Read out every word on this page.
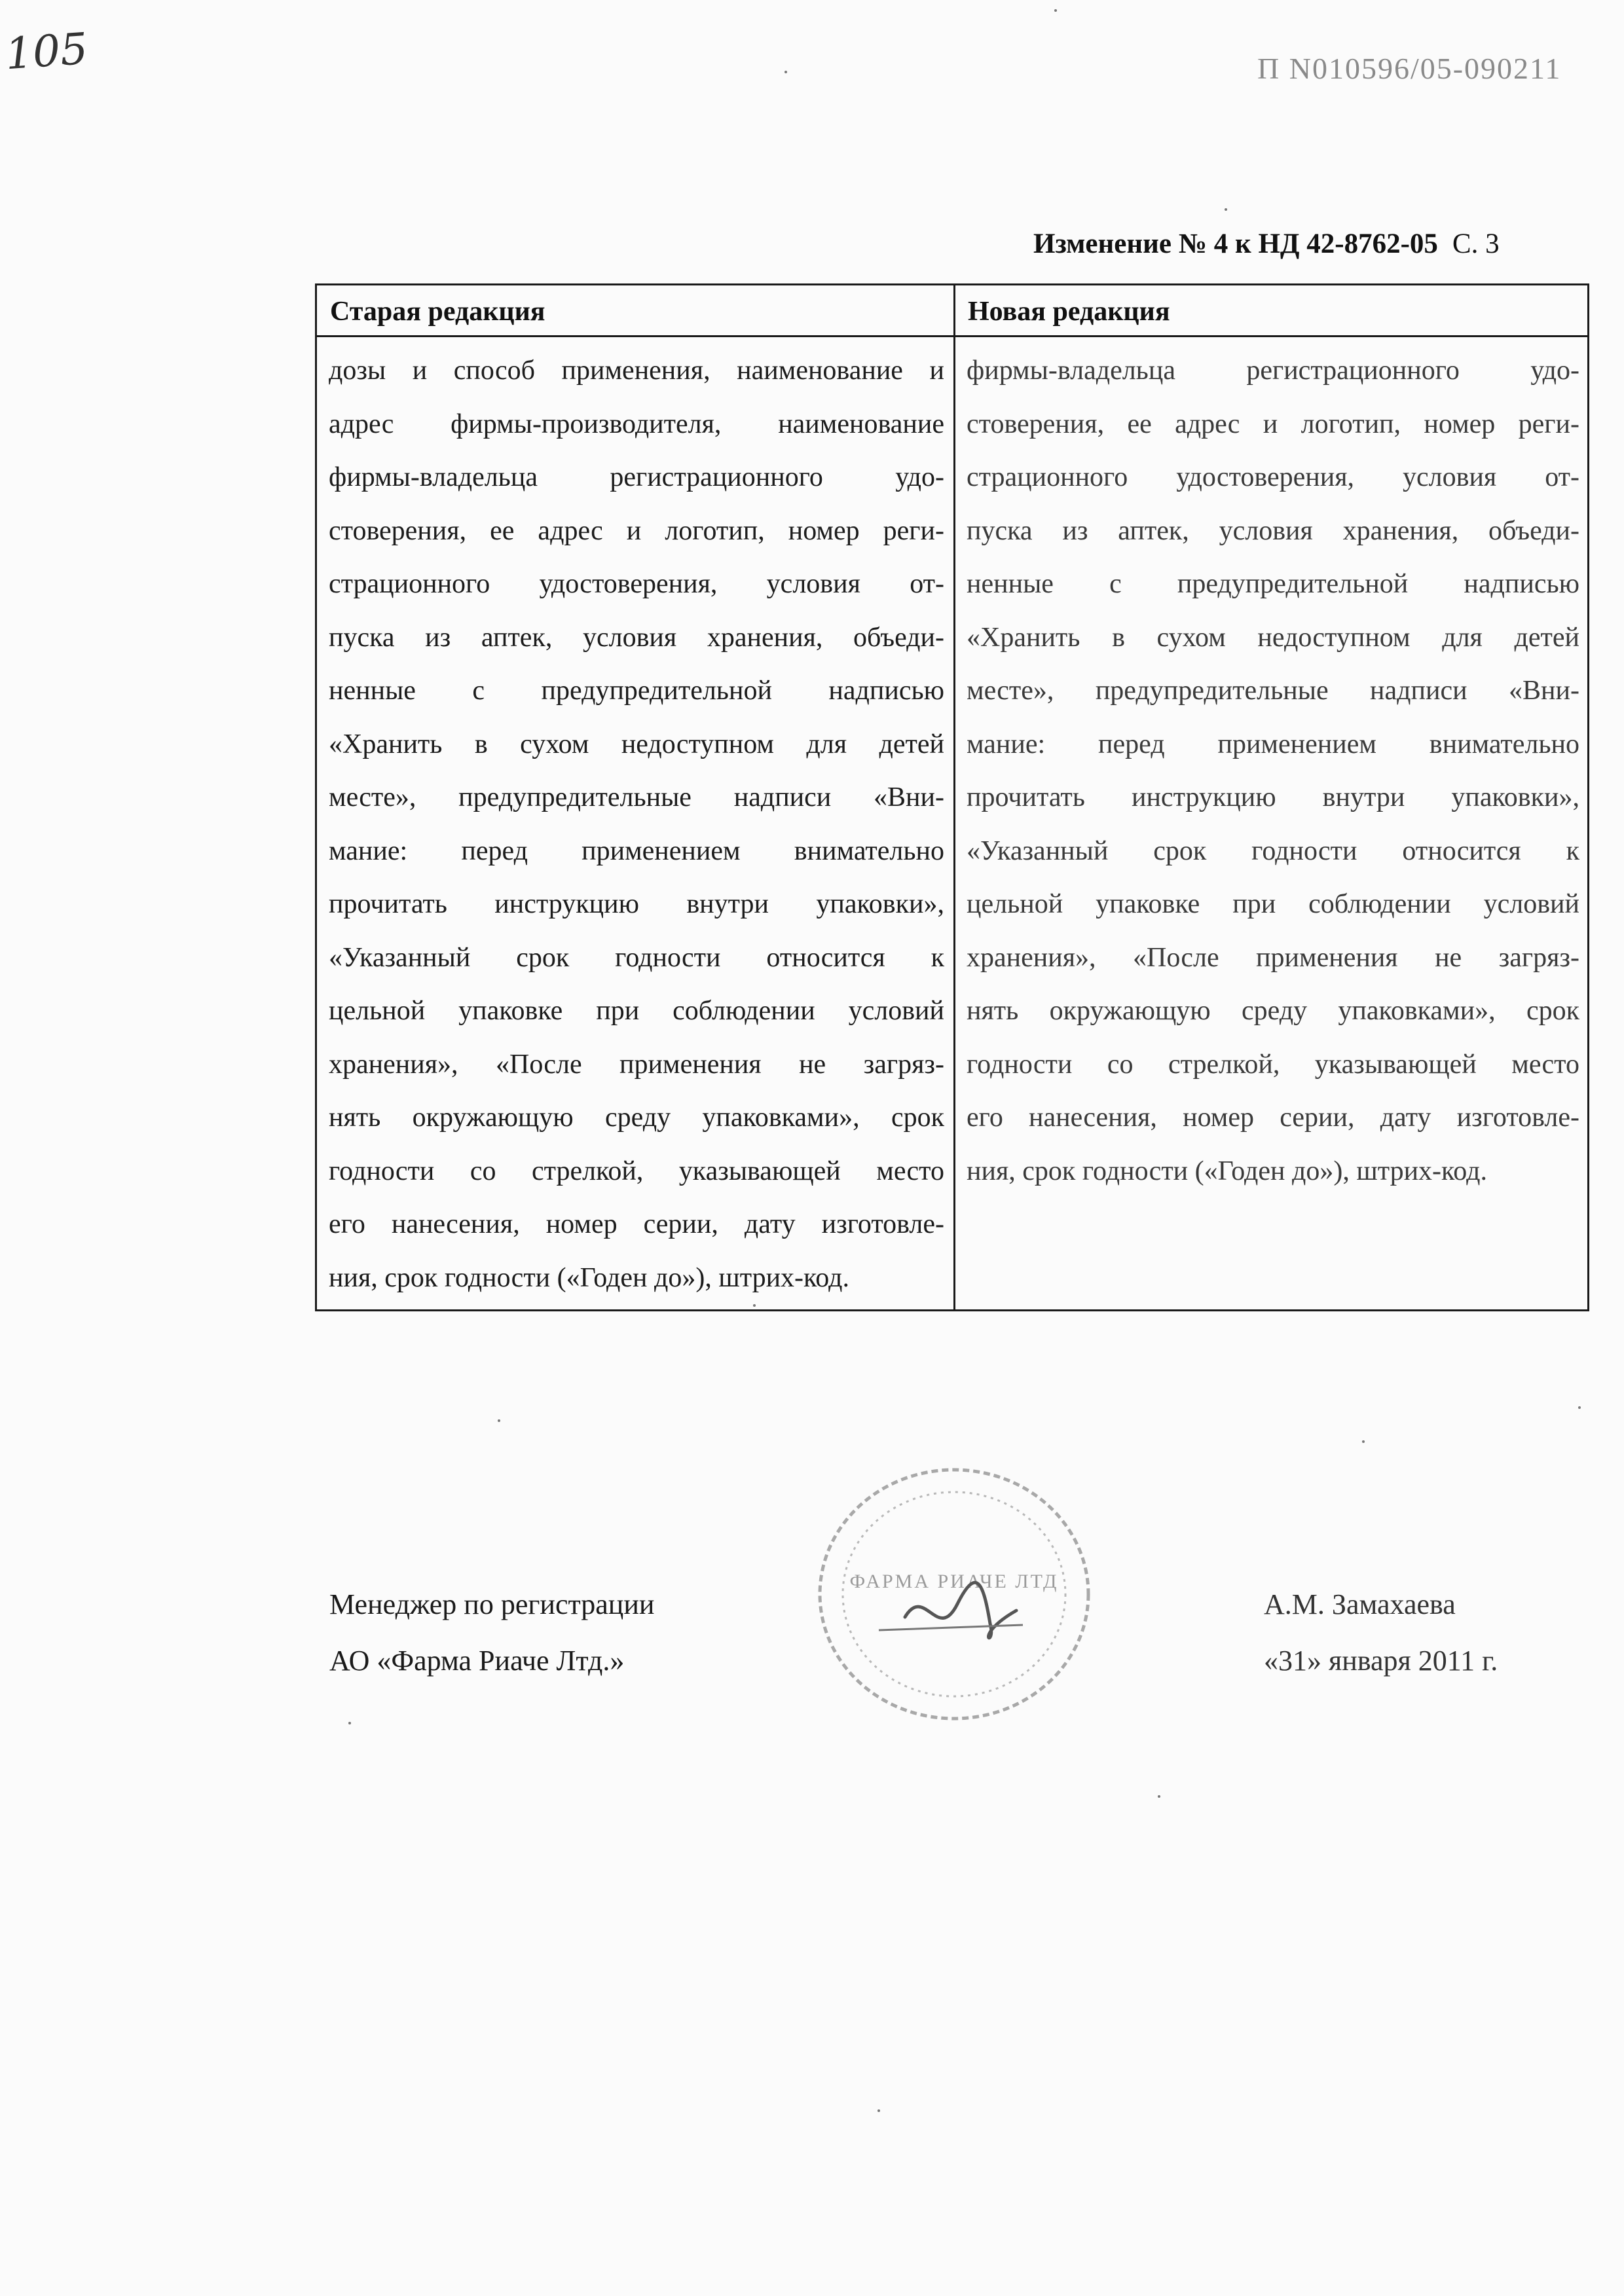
105	П N010596/05-090211
Изменение № 4 к НД 42-8762-05 С. 3
Старая редакция	Новая редакция
дозы и способ применения, наименование и
адрес фирмы-производителя, наименование
фирмы-владельца регистрационного удо-
стоверения, ее адрес и логотип, номер реги-
страционного удостоверения, условия от-
пуска из аптек, условия хранения, объеди-
ненные с предупредительной надписью
«Хранить в сухом недоступном для детей
месте», предупредительные надписи «Вни-
мание: перед применением внимательно
прочитать инструкцию внутри упаковки»,
«Указанный срок годности относится к
цельной упаковке при соблюдении условий
хранения», «После применения не загряз-
нять окружающую среду упаковками», срок
годности со стрелкой, указывающей место
его нанесения, номер серии, дату изготовле-
ния, срок годности («Годен до»), штрих-код.
фирмы-владельца регистрационного удо-
стоверения, ее адрес и логотип, номер реги-
страционного удостоверения, условия от-
пуска из аптек, условия хранения, объеди-
ненные с предупредительной надписью
«Хранить в сухом недоступном для детей
месте», предупредительные надписи «Вни-
мание: перед применением внимательно
прочитать инструкцию внутри упаковки»,
«Указанный срок годности относится к
цельной упаковке при соблюдении условий
хранения», «После применения не загряз-
нять окружающую среду упаковками», срок
годности со стрелкой, указывающей место
его нанесения, номер серии, дату изготовле-
ния, срок годности («Годен до»), штрих-код.
ФАРМА РИАЧЕ ЛТД
Менеджер по регистрации
АО «Фарма Риаче Лтд.»
А.М. Замахаева
«31» января 2011 г.
